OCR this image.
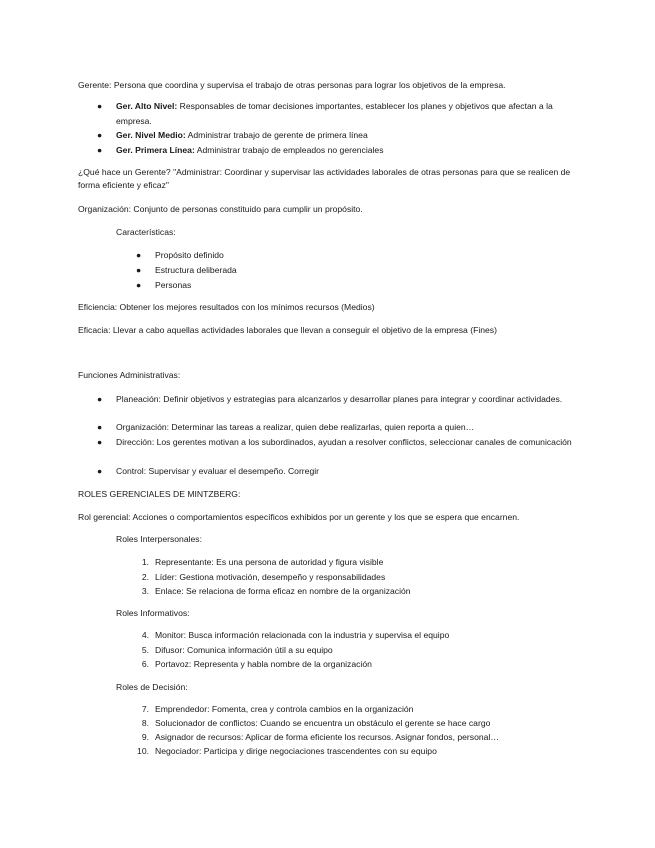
Gerente: Persona que coordina y supervisa el trabajo de otras personas para lograr los objetivos de la empresa.

● Ger. Alto Nivel: Responsables de tomar decisiones importantes, establecer los planes y objetivos que afectan a la empresa.
● Ger. Nivel Medio: Administrar trabajo de gerente de primera línea
● Ger. Primera Línea: Administrar trabajo de empleados no gerenciales

¿Qué hace un Gerente? "Administrar: Coordinar y supervisar las actividades laborales de otras personas para que se realicen de forma eficiente y eficaz"

Organización: Conjunto de personas constituido para cumplir un propósito.

Características:

● Propósito definido
● Estructura deliberada
● Personas

Eficiencia: Obtener los mejores resultados con los mínimos recursos (Medios)

Eficacia: Llevar a cabo aquellas actividades laborales que llevan a conseguir el objetivo de la empresa (Fines)

Funciones Administrativas:

● Planeación: Definir objetivos y estrategias para alcanzarlos y desarrollar planes para integrar y coordinar actividades.
● Organización: Determinar las tareas a realizar, quien debe realizarlas, quien reporta a quien…
● Dirección: Los gerentes motivan a los subordinados, ayudan a resolver conflictos, seleccionar canales de comunicación
● Control: Supervisar y evaluar el desempeño. Corregir

ROLES GERENCIALES DE MINTZBERG:

Rol gerencial: Acciones o comportamientos específicos exhibidos por un gerente y los que se espera que encarnen.

Roles Interpersonales:

1. Representante: Es una persona de autoridad y figura visible
2. Líder: Gestiona motivación, desempeño y responsabilidades
3. Enlace: Se relaciona de forma eficaz en nombre de la organización

Roles Informativos:

4. Monitor: Busca información relacionada con la industria y supervisa el equipo
5. Difusor: Comunica información útil a su equipo
6. Portavoz: Representa y habla nombre de la organización

Roles de Decisión:

7. Emprendedor: Fomenta, crea y controla cambios en la organización
8. Solucionador de conflictos: Cuando se encuentra un obstáculo el gerente se hace cargo
9. Asignador de recursos: Aplicar de forma eficiente los recursos. Asignar fondos, personal…
10. Negociador: Participa y dirige negociaciones trascendentes con su equipo
